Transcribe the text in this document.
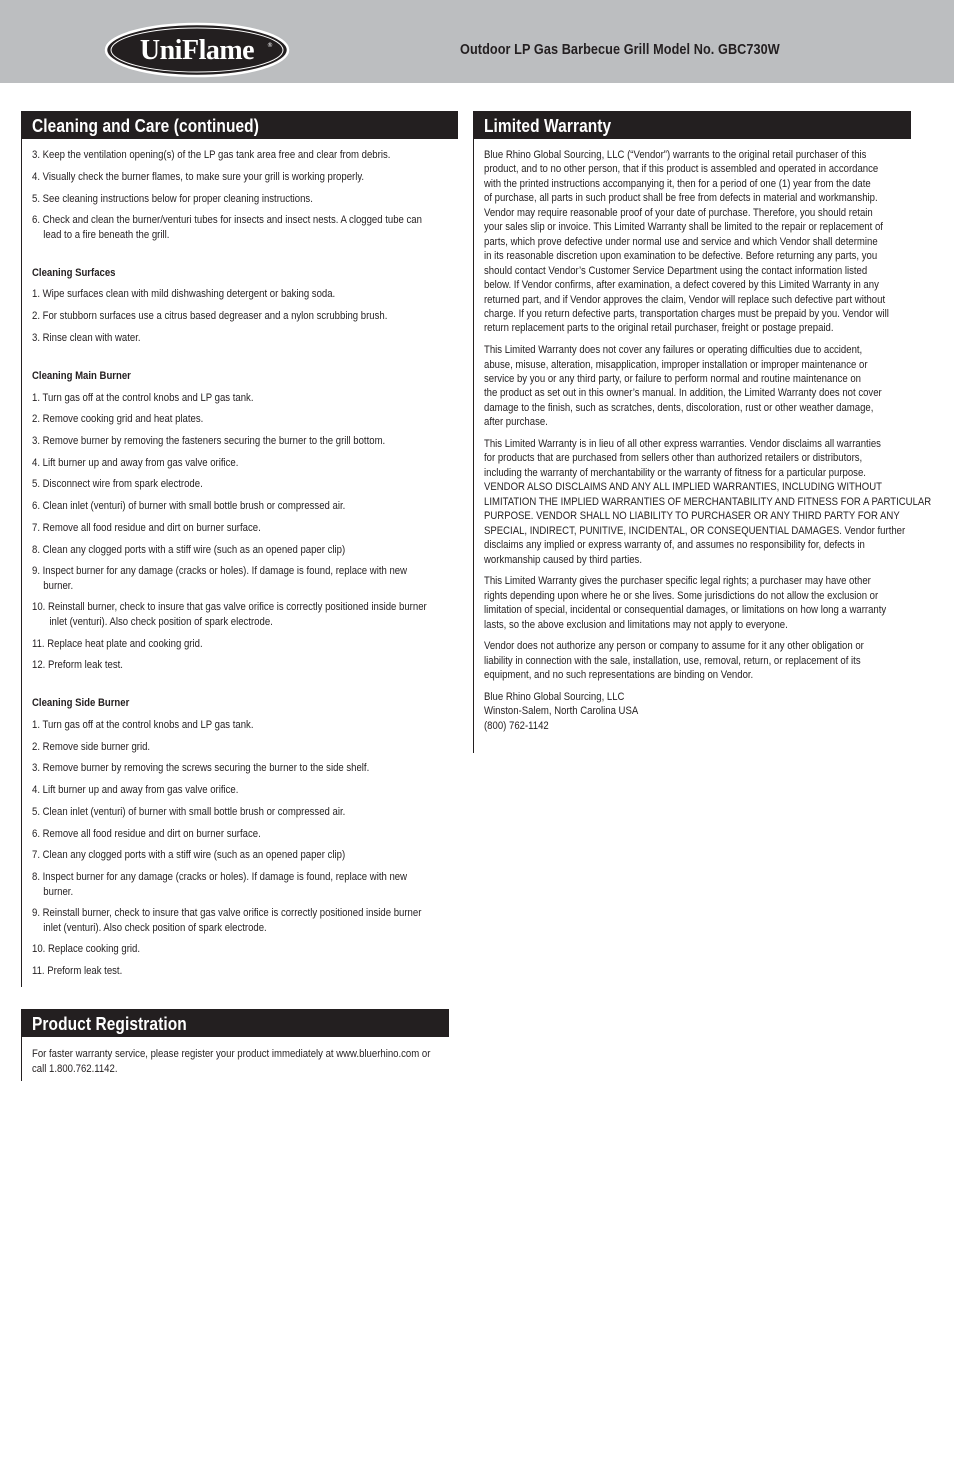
UniFlame ®	Outdoor LP Gas Barbecue Grill Model No. GBC730W
Cleaning and Care (continued)
3. Keep the ventilation opening(s) of the LP gas tank area free and clear from debris.
4. Visually check the burner flames, to make sure your grill is working properly.
5. See cleaning instructions below for proper cleaning instructions.
6. Check and clean the burner/venturi tubes for insects and insect nests. A clogged tube can
lead to a fire beneath the grill.
Cleaning Surfaces
1. Wipe surfaces clean with mild dishwashing detergent or baking soda.
2. For stubborn surfaces use a citrus based degreaser and a nylon scrubbing brush.
3. Rinse clean with water.
Cleaning Main Burner
1. Turn gas off at the control knobs and LP gas tank.
2. Remove cooking grid and heat plates.
3. Remove burner by removing the fasteners securing the burner to the grill bottom.
4. Lift burner up and away from gas valve orifice.
5. Disconnect wire from spark electrode.
6. Clean inlet (venturi) of burner with small bottle brush or compressed air.
7. Remove all food residue and dirt on burner surface.
8. Clean any clogged ports with a stiff wire (such as an opened paper clip)
9. Inspect burner for any damage (cracks or holes). If damage is found, replace with new
burner.
10. Reinstall burner, check to insure that gas valve orifice is correctly positioned inside burner
inlet (venturi). Also check position of spark electrode.
11. Replace heat plate and cooking grid.
12. Preform leak test.
Cleaning Side Burner
1. Turn gas off at the control knobs and LP gas tank.
2. Remove side burner grid.
3. Remove burner by removing the screws securing the burner to the side shelf.
4. Lift burner up and away from gas valve orifice.
5. Clean inlet (venturi) of burner with small bottle brush or compressed air.
6. Remove all food residue and dirt on burner surface.
7. Clean any clogged ports with a stiff wire (such as an opened paper clip)
8. Inspect burner for any damage (cracks or holes). If damage is found, replace with new
burner.
9. Reinstall burner, check to insure that gas valve orifice is correctly positioned inside burner
inlet (venturi). Also check position of spark electrode.
10. Replace cooking grid.
11. Preform leak test.
Product Registration
For faster warranty service, please register your product immediately at www.bluerhino.com or
call 1.800.762.1142.
Limited Warranty
Blue Rhino Global Sourcing, LLC (“Vendor”) warrants to the original retail purchaser of this
product, and to no other person, that if this product is assembled and operated in accordance
with the printed instructions accompanying it, then for a period of one (1) year from the date
of purchase, all parts in such product shall be free from defects in material and workmanship.
Vendor may require reasonable proof of your date of purchase. Therefore, you should retain
your sales slip or invoice. This Limited Warranty shall be limited to the repair or replacement of
parts, which prove defective under normal use and service and which Vendor shall determine
in its reasonable discretion upon examination to be defective. Before returning any parts, you
should contact Vendor’s Customer Service Department using the contact information listed
below. If Vendor confirms, after examination, a defect covered by this Limited Warranty in any
returned part, and if Vendor approves the claim, Vendor will replace such defective part without
charge. If you return defective parts, transportation charges must be prepaid by you. Vendor will
return replacement parts to the original retail purchaser, freight or postage prepaid.
This Limited Warranty does not cover any failures or operating difficulties due to accident,
abuse, misuse, alteration, misapplication, improper installation or improper maintenance or
service by you or any third party, or failure to perform normal and routine maintenance on
the product as set out in this owner’s manual. In addition, the Limited Warranty does not cover
damage to the finish, such as scratches, dents, discoloration, rust or other weather damage,
after purchase.
This Limited Warranty is in lieu of all other express warranties. Vendor disclaims all warranties
for products that are purchased from sellers other than authorized retailers or distributors,
including the warranty of merchantability or the warranty of fitness for a particular purpose.
VENDOR ALSO DISCLAIMS AND ANY ALL IMPLIED WARRANTIES, INCLUDING WITHOUT
LIMITATION THE IMPLIED WARRANTIES OF MERCHANTABILITY AND FITNESS FOR A PARTICULAR
PURPOSE. VENDOR SHALL NO LIABILITY TO PURCHASER OR ANY THIRD PARTY FOR ANY
SPECIAL, INDIRECT, PUNITIVE, INCIDENTAL, OR CONSEQUENTIAL DAMAGES. Vendor further
disclaims any implied or express warranty of, and assumes no responsibility for, defects in
workmanship caused by third parties.
This Limited Warranty gives the purchaser specific legal rights; a purchaser may have other
rights depending upon where he or she lives. Some jurisdictions do not allow the exclusion or
limitation of special, incidental or consequential damages, or limitations on how long a warranty
lasts, so the above exclusion and limitations may not apply to everyone.
Vendor does not authorize any person or company to assume for it any other obligation or
liability in connection with the sale, installation, use, removal, return, or replacement of its
equipment, and no such representations are binding on Vendor.
Blue Rhino Global Sourcing, LLC
Winston-Salem, North Carolina USA
(800) 762-1142
